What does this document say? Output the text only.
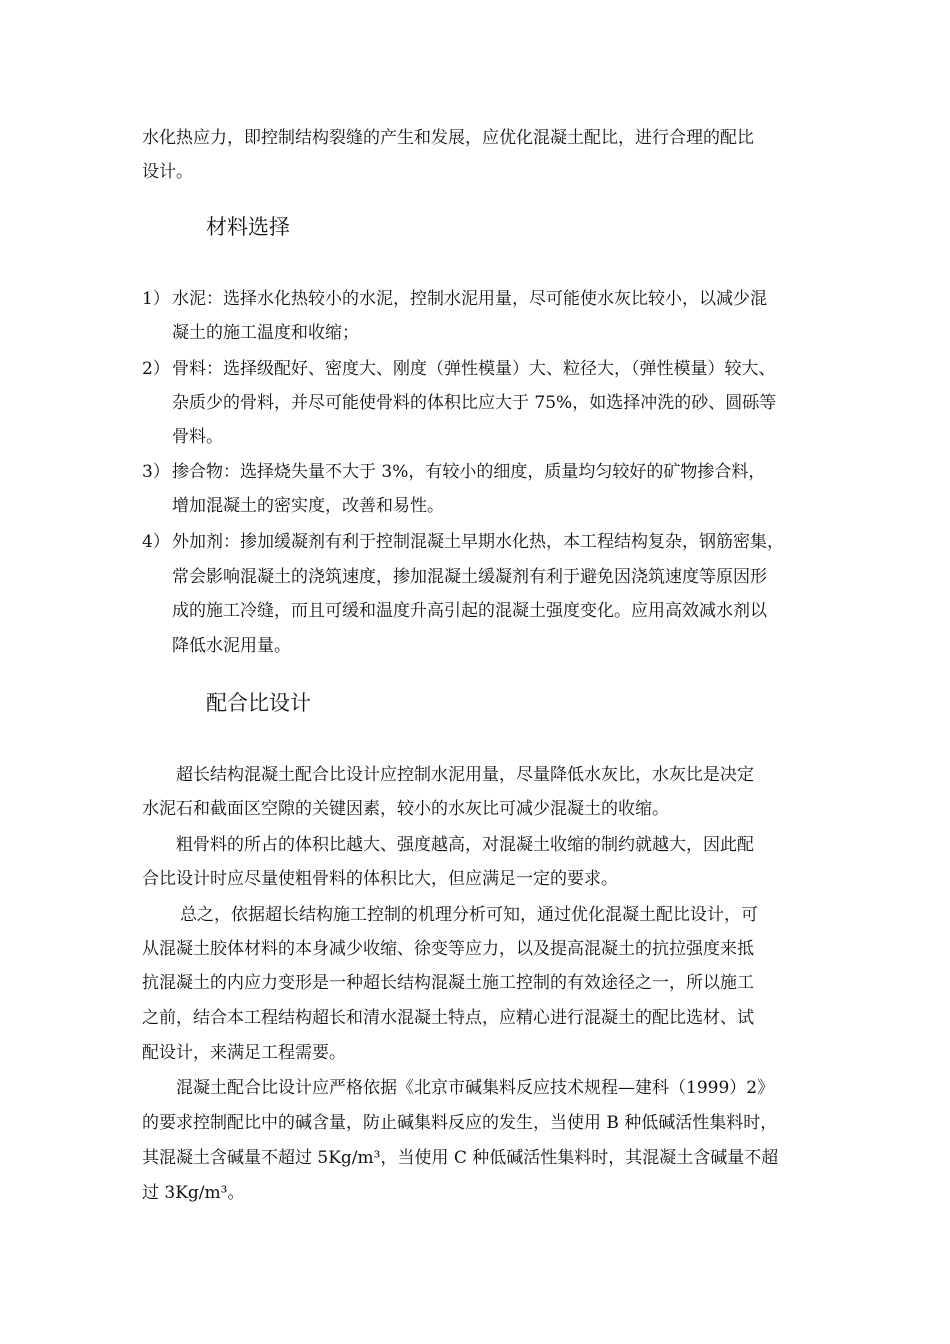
水化热应力，即控制结构裂缝的产生和发展，应优化混凝土配比，进行合理的配比
设计。
材料选择
1） 水泥：选择水化热较小的水泥，控制水泥用量，尽可能使水灰比较小，以减少混
凝土的施工温度和收缩；
2） 骨料：选择级配好、密度大、刚度（弹性模量）大、粒径大，（弹性模量）较大、
杂质少的骨料，并尽可能使骨料的体积比应大于 75%，如选择冲洗的砂、圆砾等
骨料。
3） 掺合物：选择烧失量不大于 3%，有较小的细度，质量均匀较好的矿物掺合料，
增加混凝土的密实度，改善和易性。
4） 外加剂：掺加缓凝剂有利于控制混凝土早期水化热，本工程结构复杂，钢筋密集，
常会影响混凝土的浇筑速度，掺加混凝土缓凝剂有利于避免因浇筑速度等原因形
成的施工冷缝，而且可缓和温度升高引起的混凝土强度变化。应用高效减水剂以
降低水泥用量。
配合比设计
超长结构混凝土配合比设计应控制水泥用量，尽量降低水灰比，水灰比是决定
水泥石和截面区空隙的关键因素，较小的水灰比可减少混凝土的收缩。
粗骨料的所占的体积比越大、强度越高，对混凝土收缩的制约就越大，因此配
合比设计时应尽量使粗骨料的体积比大，但应满足一定的要求。
总之，依据超长结构施工控制的机理分析可知，通过优化混凝土配比设计，可
从混凝土胶体材料的本身减少收缩、徐变等应力，以及提高混凝土的抗拉强度来抵
抗混凝土的内应力变形是一种超长结构混凝土施工控制的有效途径之一，所以施工
之前，结合本工程结构超长和清水混凝土特点，应精心进行混凝土的配比选材、试
配设计，来满足工程需要。
混凝土配合比设计应严格依据《北京市碱集料反应技术规程—建科（1999）2》
的要求控制配比中的碱含量，防止碱集料反应的发生，当使用 B 种低碱活性集料时，
其混凝土含碱量不超过 5Kg/m³，当使用 C 种低碱活性集料时，其混凝土含碱量不超
过 3Kg/m³。
